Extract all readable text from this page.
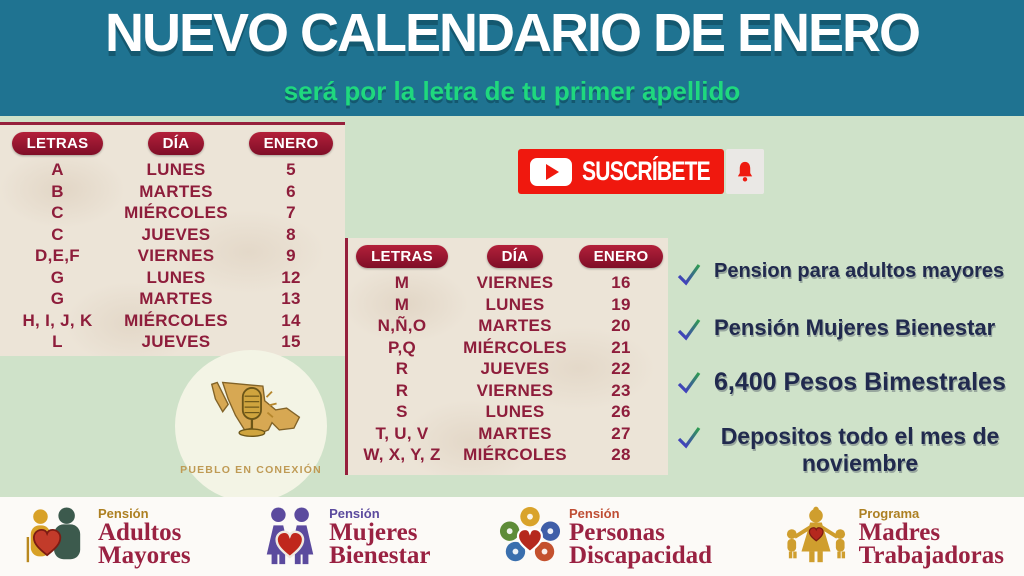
NUEVO CALENDARIO DE ENERO
será por la letra de tu primer apellido
LETRAS	DÍA	ENERO
A	LUNES	5
B	MARTES	6
C	MIÉRCOLES	7
C	JUEVES	8
D,E,F	VIERNES	9
G	LUNES	12
G	MARTES	13
H, I, J, K	MIÉRCOLES	14
L	JUEVES	15
LETRAS	DÍA	ENERO
M	VIERNES	16
M	LUNES	19
N,Ñ,O	MARTES	20
P,Q	MIÉRCOLES	21
R	JUEVES	22
R	VIERNES	23
S	LUNES	26
T, U, V	MARTES	27
W, X, Y, Z	MIÉRCOLES	28
SUSCRÍBETE
Pension para adultos mayores
Pensión Mujeres Bienestar
6,400 Pesos Bimestrales
Depositos todo el mes de noviembre
PUEBLO EN CONEXIÓN
Pensión
Adultos
Mayores
Pensión
Mujeres
Bienestar
Pensión
Personas
Discapacidad
Programa
Madres
Trabajadoras
